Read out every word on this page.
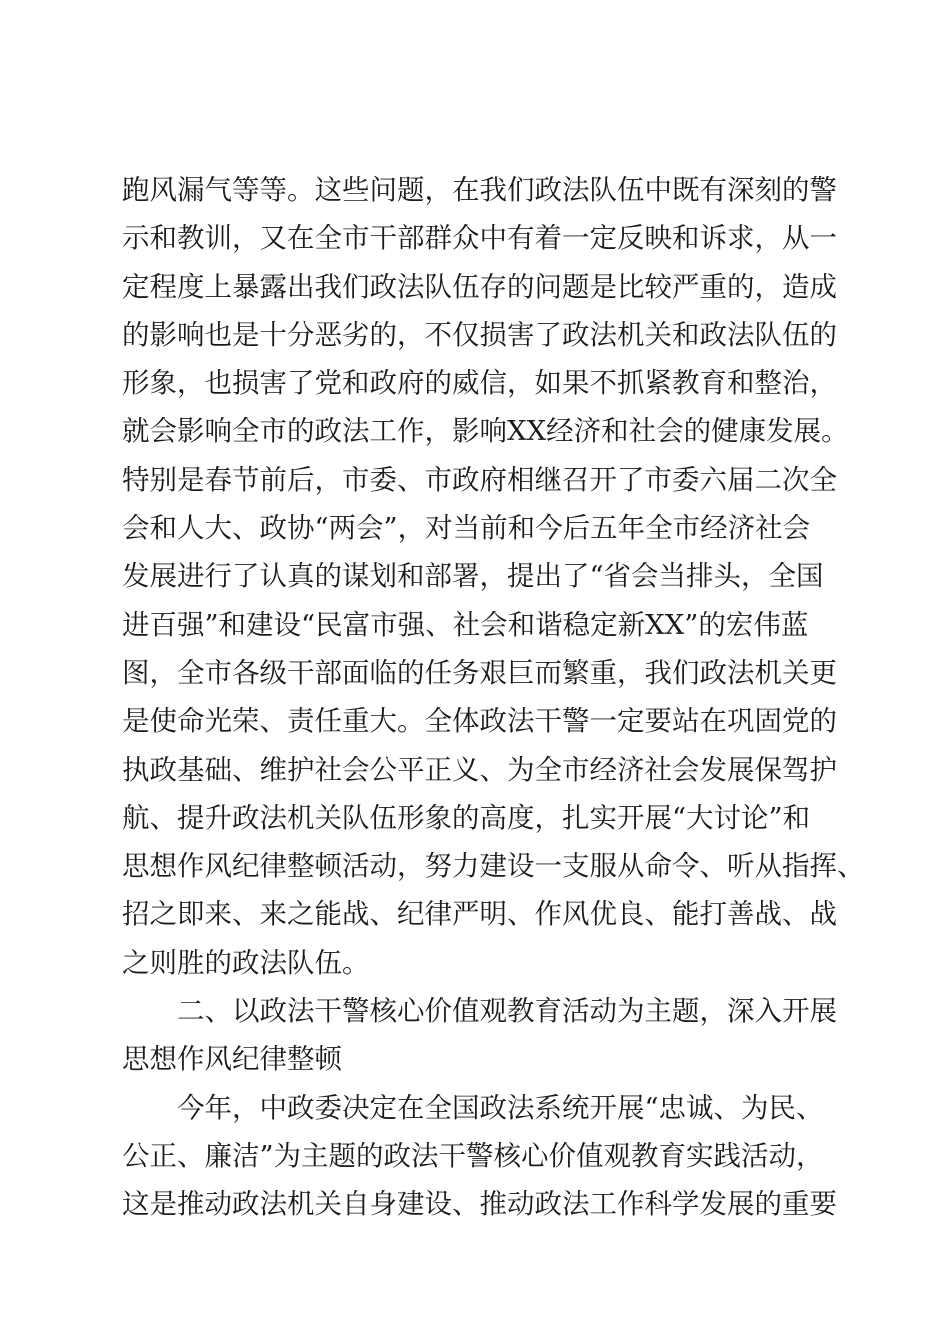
跑风漏气等等。这些问题，在我们政法队伍中既有深刻的警
示和教训，又在全市干部群众中有着一定反映和诉求，从一
定程度上暴露出我们政法队伍存的问题是比较严重的，造成
的影响也是十分恶劣的，不仅损害了政法机关和政法队伍的
形象，也损害了党和政府的威信，如果不抓紧教育和整治，
就会影响全市的政法工作，影响XX经济和社会的健康发展。
特别是春节前后，市委、市政府相继召开了市委六届二次全
会和人大、政协“两会”，对当前和今后五年全市经济社会
发展进行了认真的谋划和部署，提出了“省会当排头，全国
进百强”和建设“民富市强、社会和谐稳定新XX”的宏伟蓝
图，全市各级干部面临的任务艰巨而繁重，我们政法机关更
是使命光荣、责任重大。全体政法干警一定要站在巩固党的
执政基础、维护社会公平正义、为全市经济社会发展保驾护
航、提升政法机关队伍形象的高度，扎实开展“大讨论”和
思想作风纪律整顿活动，努力建设一支服从命令、听从指挥、
招之即来、来之能战、纪律严明、作风优良、能打善战、战
之则胜的政法队伍。
二、以政法干警核心价值观教育活动为主题，深入开展
思想作风纪律整顿
今年，中政委决定在全国政法系统开展“忠诚、为民、
公正、廉洁”为主题的政法干警核心价值观教育实践活动，
这是推动政法机关自身建设、推动政法工作科学发展的重要
